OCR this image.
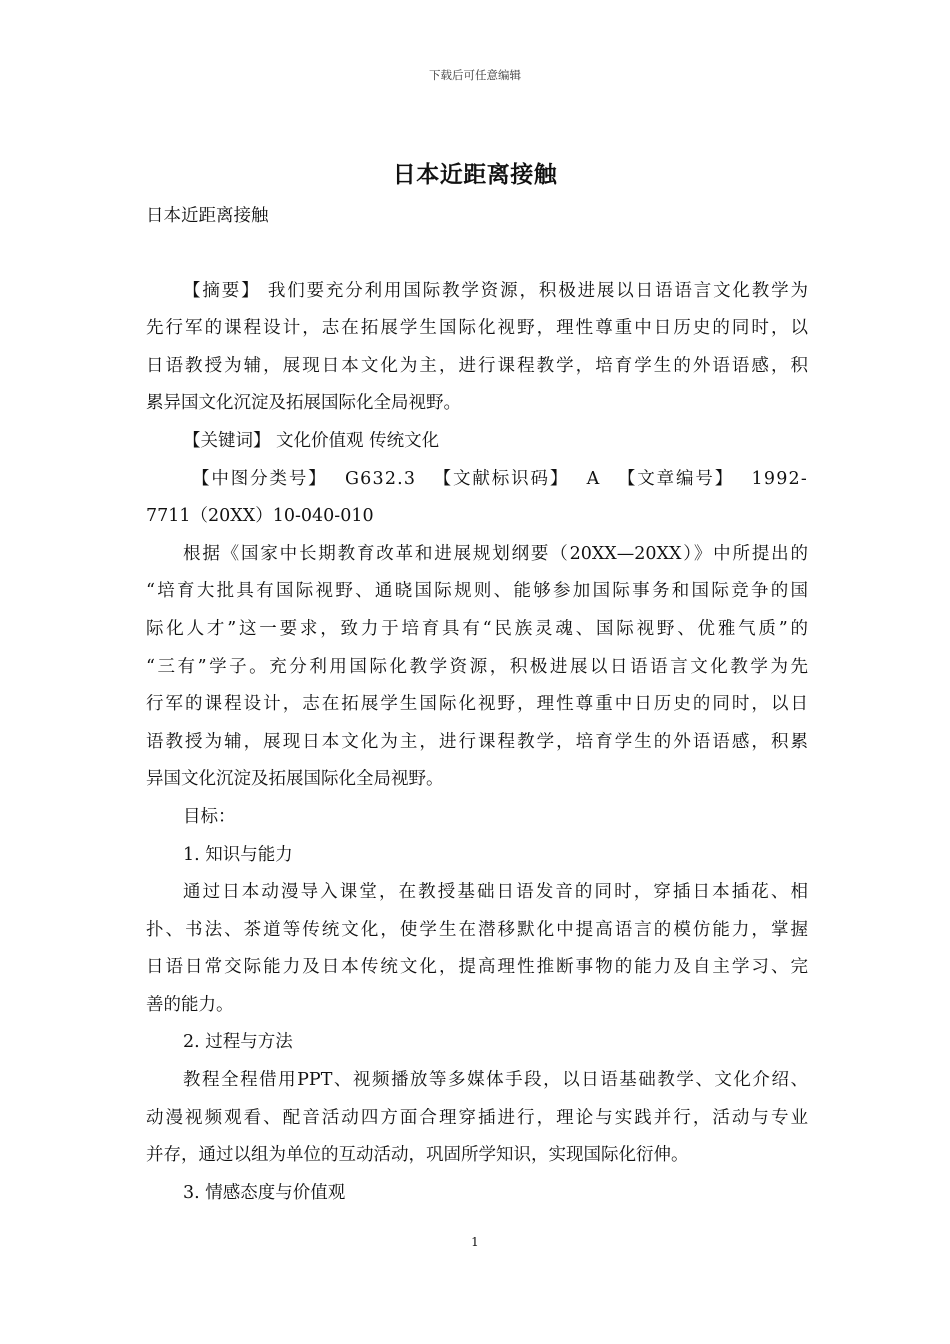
下载后可任意编辑
日本近距离接触

日本近距离接触

【摘要】 我们要充分利用国际教学资源，积极进展以日语语言文化教学为

先行军的课程设计，志在拓展学生国际化视野，理性尊重中日历史的同时，以

日语教授为辅，展现日本文化为主，进行课程教学，培育学生的外语语感，积

累异国文化沉淀及拓展国际化全局视野。

【关键词】 文化价值观 传统文化

【中图分类号】 G632.3 【文献标识码】 A 【文章编号】 1992-

7711（20XX）10-040-010

根据《国家中长期教育改革和进展规划纲要（20XX—20XX）》中所提出的

“培育大批具有国际视野、通晓国际规则、能够参加国际事务和国际竞争的国

际化人才”这一要求，致力于培育具有“民族灵魂、国际视野、优雅气质”的

“三有”学子。充分利用国际化教学资源，积极进展以日语语言文化教学为先

行军的课程设计，志在拓展学生国际化视野，理性尊重中日历史的同时，以日

语教授为辅，展现日本文化为主，进行课程教学，培育学生的外语语感，积累

异国文化沉淀及拓展国际化全局视野。

目标：

1. 知识与能力

通过日本动漫导入课堂，在教授基础日语发音的同时，穿插日本插花、相

扑、书法、茶道等传统文化，使学生在潜移默化中提高语言的模仿能力，掌握

日语日常交际能力及日本传统文化，提高理性推断事物的能力及自主学习、完

善的能力。

2. 过程与方法

教程全程借用PPT、视频播放等多媒体手段，以日语基础教学、文化介绍、

动漫视频观看、配音活动四方面合理穿插进行，理论与实践并行，活动与专业

并存，通过以组为单位的互动活动，巩固所学知识，实现国际化衍伸。

3. 情感态度与价值观

1
